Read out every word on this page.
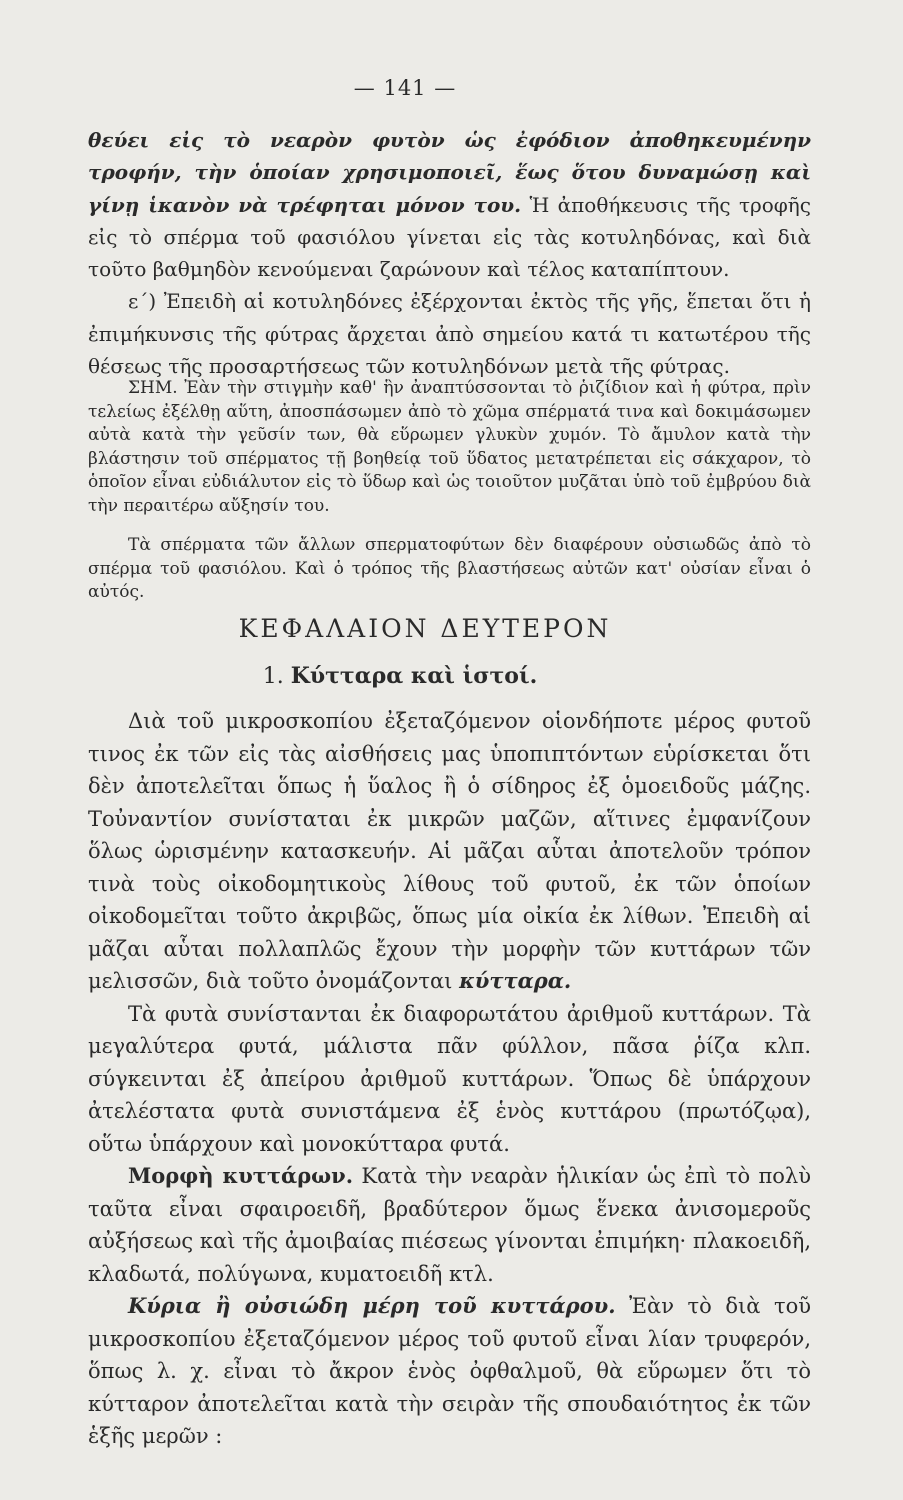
— 141 —

θεύει εἰς τὸ νεαρὸν φυτὸν ὡς ἐφόδιον ἀποθηκευμένην τροφήν, τὴν ὁποίαν χρησιμοποιεῖ, ἕως ὅτου δυναμώσῃ καὶ γίνῃ ἱκανὸν νὰ τρέφηται μόνον του. Ἡ ἀποθήκευσις τῆς τροφῆς εἰς τὸ σπέρμα τοῦ φασιόλου γίνεται εἰς τὰς κοτυληδόνας, καὶ διὰ τοῦτο βαθμηδὸν κενούμεναι ζαρώνουν καὶ τέλος καταπίπτουν.

ε΄) Ἐπειδὴ αἱ κοτυληδόνες ἐξέρχονται ἐκτὸς τῆς γῆς, ἕπεται ὅτι ἡ ἐπιμήκυνσις τῆς φύτρας ἄρχεται ἀπὸ σημείου κατά τι κατωτέρου τῆς θέσεως τῆς προσαρτήσεως τῶν κοτυληδόνων μετὰ τῆς φύτρας.

ΣΗΜ. Ἐὰν τὴν στιγμὴν καθ' ἣν ἀναπτύσσονται τὸ ῥιζίδιον καὶ ἡ φύτρα, πρὶν τελείως ἐξέλθῃ αὕτη, ἀποσπάσωμεν ἀπὸ τὸ χῶμα σπέρματά τινα καὶ δοκιμάσωμεν αὐτὰ κατὰ τὴν γεῦσίν των, θὰ εὕρωμεν γλυκὺν χυμόν. Τὸ ἄμυλον κατὰ τὴν βλάστησιν τοῦ σπέρματος τῇ βοηθείᾳ τοῦ ὕδατος μετατρέπεται εἰς σάκχαρον, τὸ ὁποῖον εἶναι εὐδιάλυτον εἰς τὸ ὕδωρ καὶ ὡς τοιοῦτον μυζᾶται ὑπὸ τοῦ ἐμβρύου διὰ τὴν περαιτέρω αὔξησίν του.

Τὰ σπέρματα τῶν ἄλλων σπερματοφύτων δὲν διαφέρουν οὐσιωδῶς ἀπὸ τὸ σπέρμα τοῦ φασιόλου. Καὶ ὁ τρόπος τῆς βλαστήσεως αὐτῶν κατ' οὐσίαν εἶναι ὁ αὐτός.

ΚΕΦΑΛΑΙΟΝ ΔΕΥΤΕΡΟΝ
1. Κύτταρα καὶ ἱστοί.

Διὰ τοῦ μικροσκοπίου ἐξεταζόμενον οἱονδήποτε μέρος φυτοῦ τινος ἐκ τῶν εἰς τὰς αἰσθήσεις μας ὑποπιπτόντων εὑρίσκεται ὅτι δὲν ἀποτελεῖται ὅπως ἡ ὕαλος ἢ ὁ σίδηρος ἐξ ὁμοειδοῦς μάζης. Τοὐναντίον συνίσταται ἐκ μικρῶν μαζῶν, αἵτινες ἐμφανίζουν ὅλως ὡρισμένην κατασκευήν. Αἱ μᾶζαι αὗται ἀποτελοῦν τρόπον τινὰ τοὺς οἰκοδομητικοὺς λίθους τοῦ φυτοῦ, ἐκ τῶν ὁποίων οἰκοδομεῖται τοῦτο ἀκριβῶς, ὅπως μία οἰκία ἐκ λίθων. Ἐπειδὴ αἱ μᾶζαι αὗται πολλαπλῶς ἔχουν τὴν μορφὴν τῶν κυττάρων τῶν μελισσῶν, διὰ τοῦτο ὀνομάζονται κύτταρα.

Τὰ φυτὰ συνίστανται ἐκ διαφορωτάτου ἀριθμοῦ κυττάρων. Τὰ μεγαλύτερα φυτά, μάλιστα πᾶν φύλλον, πᾶσα ῥίζα κλπ. σύγκεινται ἐξ ἀπείρου ἀριθμοῦ κυττάρων. Ὅπως δὲ ὑπάρχουν ἀτελέστατα φυτὰ συνιστάμενα ἐξ ἑνὸς κυττάρου (πρωτόζῳα), οὕτω ὑπάρχουν καὶ μονοκύτταρα φυτά.

Μορφὴ κυττάρων. Κατὰ τὴν νεαρὰν ἡλικίαν ὡς ἐπὶ τὸ πολὺ ταῦτα εἶναι σφαιροειδῆ, βραδύτερον ὅμως ἕνεκα ἀνισομεροῦς αὐξήσεως καὶ τῆς ἀμοιβαίας πιέσεως γίνονται ἐπιμήκη· πλακοειδῆ, κλαδωτά, πολύγωνα, κυματοειδῆ κτλ.

Κύρια ἢ οὐσιώδη μέρη τοῦ κυττάρου. Ἐὰν τὸ διὰ τοῦ μικροσκοπίου ἐξεταζόμενον μέρος τοῦ φυτοῦ εἶναι λίαν τρυφερόν, ὅπως λ. χ. εἶναι τὸ ἄκρον ἑνὸς ὀφθαλμοῦ, θὰ εὕρωμεν ὅτι τὸ κύτταρον ἀποτελεῖται κατὰ τὴν σειρὰν τῆς σπουδαιότητος ἐκ τῶν ἑξῆς μερῶν :
